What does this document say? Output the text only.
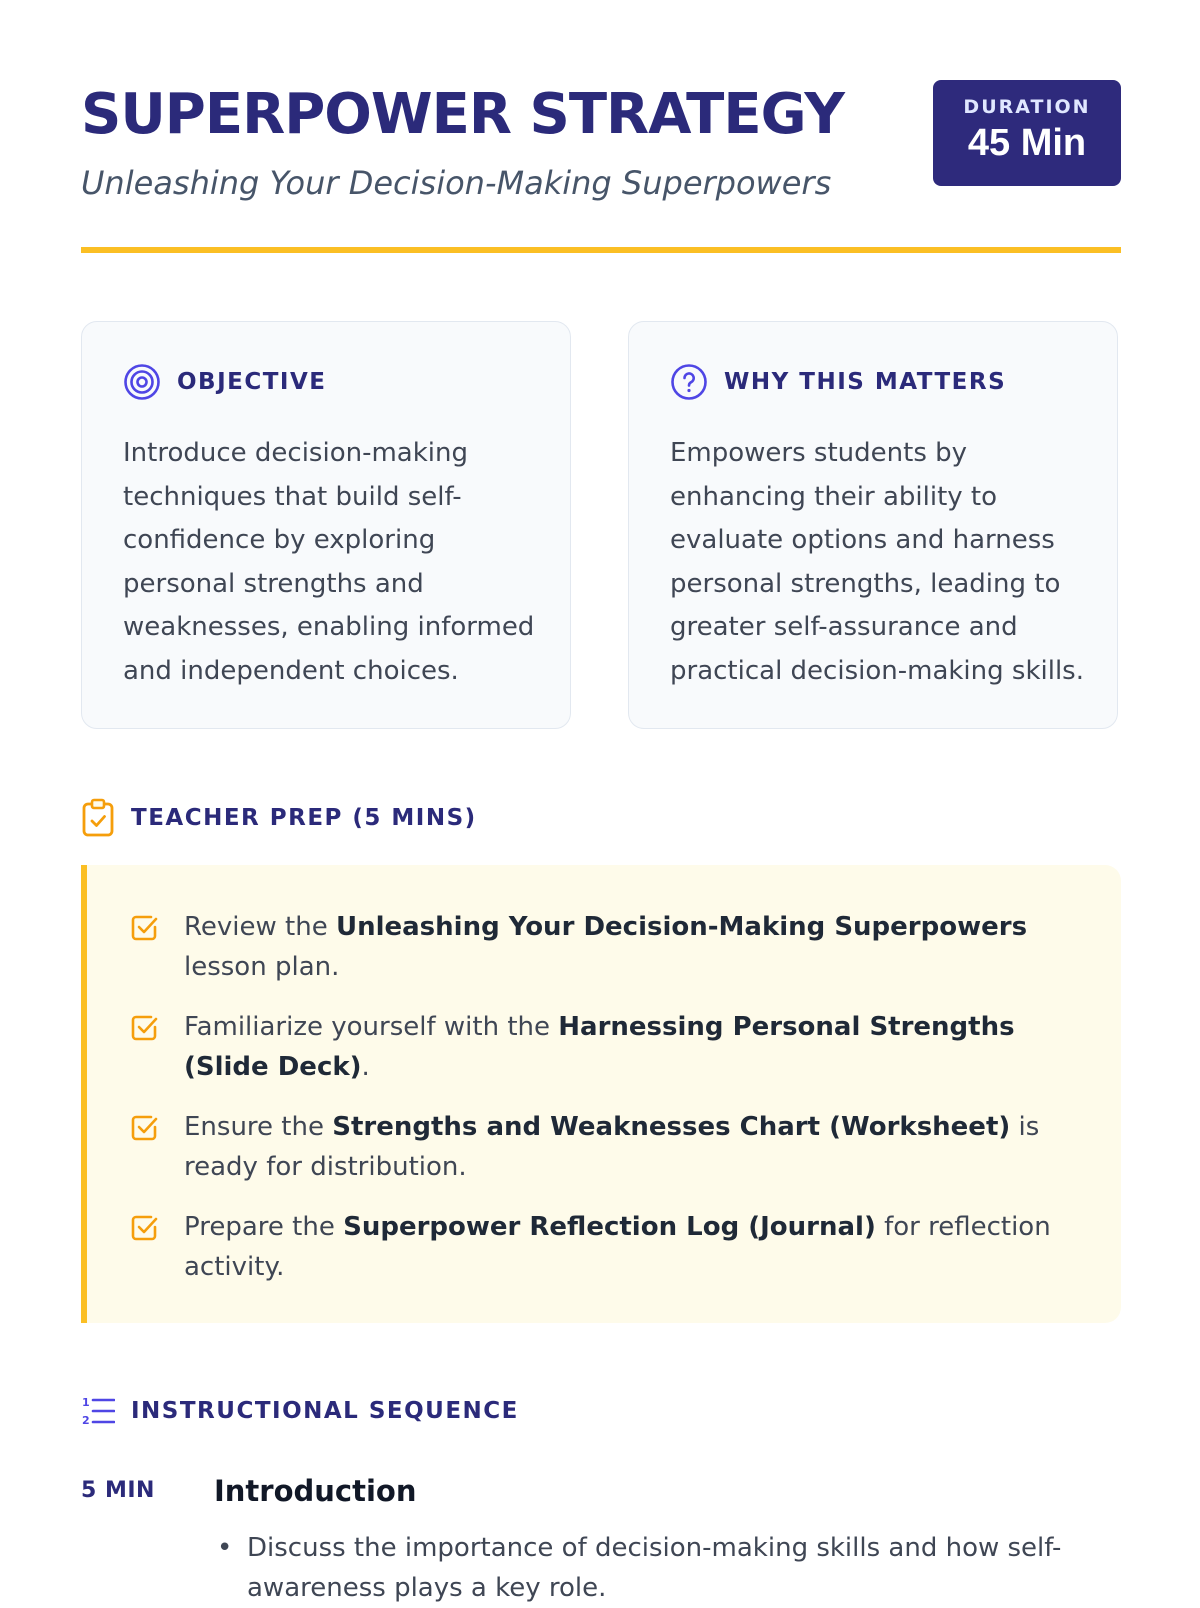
SUPERPOWER STRATEGY

Unleashing Your Decision-Making Superpowers

DURATION
45 Min
OBJECTIVE
Introduce decision-making techniques that build self-confidence by exploring personal strengths and weaknesses, enabling informed and independent choices.
WHY THIS MATTERS
Empowers students by enhancing their ability to evaluate options and harness personal strengths, leading to greater self-assurance and practical decision-making skills.
TEACHER PREP (5 MINS)
Review the Unleashing Your Decision-Making Superpowers lesson plan.
Familiarize yourself with the Harnessing Personal Strengths (Slide Deck).
Ensure the Strengths and Weaknesses Chart (Worksheet) is ready for distribution.
Prepare the Superpower Reflection Log (Journal) for reflection activity.
1
2 INSTRUCTIONAL SEQUENCE
5 MIN Introduction
• Discuss the importance of decision-making skills and how self-awareness plays a key role.
